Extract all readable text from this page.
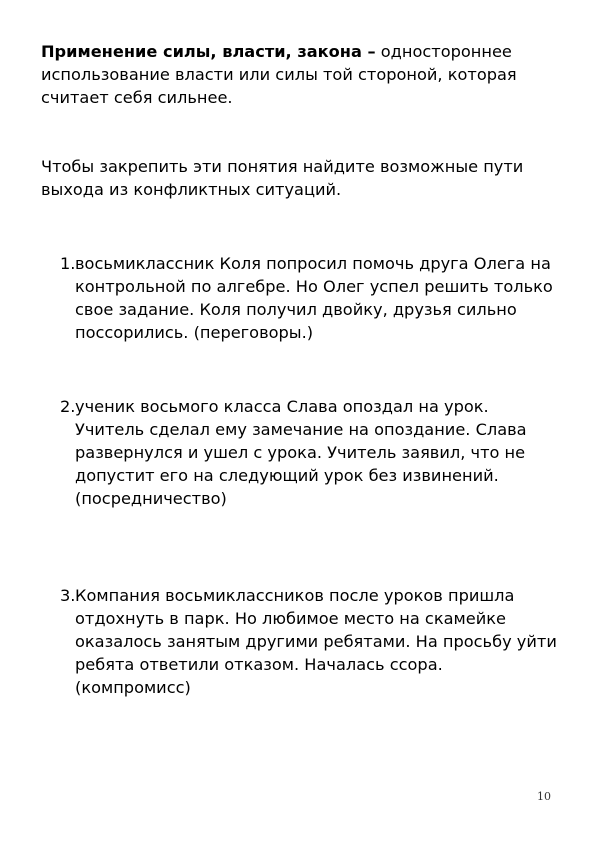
Применение силы, власти, закона – одностороннее использование власти или силы той стороной, которая считает себя сильнее.
Чтобы закрепить эти понятия найдите возможные пути выхода из конфликтных ситуаций.
1. восьмиклассник Коля попросил помочь друга Олега на контрольной по алгебре. Но Олег успел решить только свое задание. Коля получил двойку, друзья сильно поссорились. (переговоры.)
2. ученик восьмого класса Слава опоздал на урок. Учитель сделал ему замечание на опоздание. Слава развернулся и ушел с урока. Учитель заявил, что не допустит его на следующий урок без извинений. (посредничество)
3. Компания восьмиклассников после уроков пришла отдохнуть в парк. Но любимое место на скамейке оказалось занятым другими ребятами. На просьбу уйти ребята ответили отказом. Началась ссора. (компромисс)
10
